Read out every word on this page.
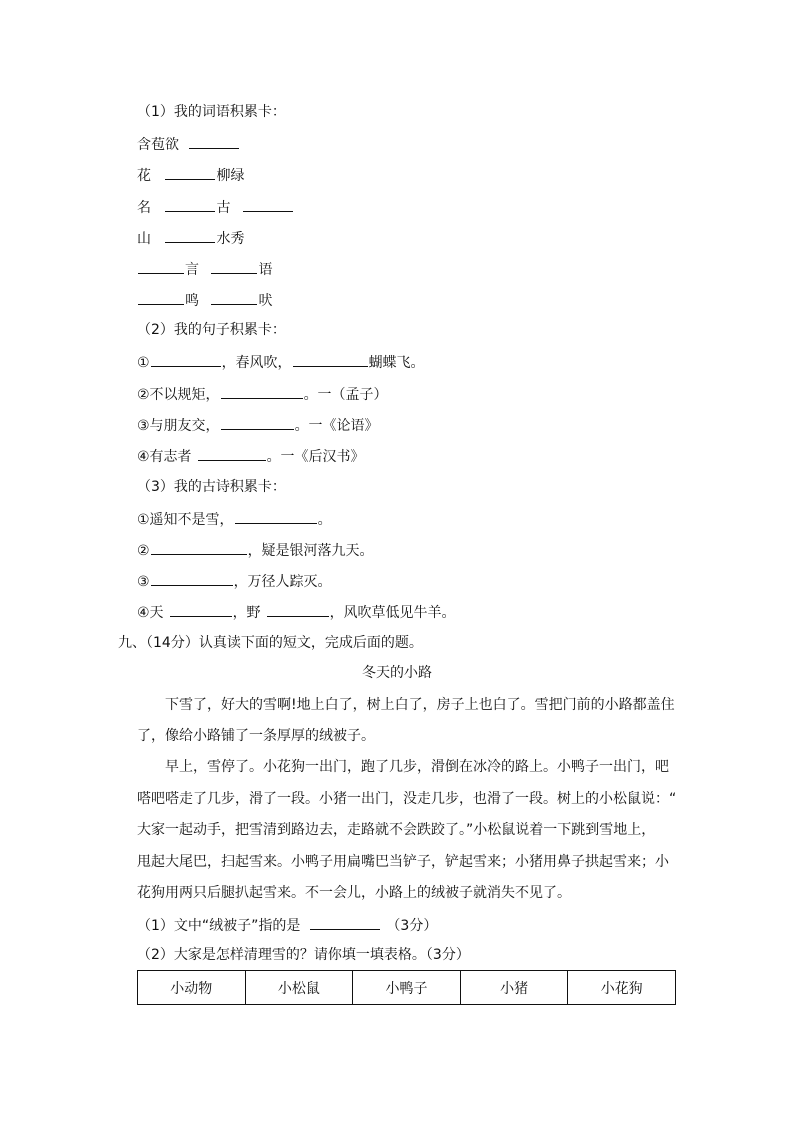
（1）我的词语积累卡：
含苞欲
花	柳绿
名	古
山	水秀
言	语
鸣	吠
（2）我的句子积累卡：
①	，春风吹，	蝴蝶飞。
②不以规矩，	。一（孟子）
③与朋友交，	。一《论语》
④有志者	。一《后汉书》
（3）我的古诗积累卡：
①遥知不是雪，	。
②	，疑是银河落九天。
③	，万径人踪灭。
④天	，野	，风吹草低见牛羊。
九、（14分）认真读下面的短文，完成后面的题。
冬天的小路
下雪了，好大的雪啊!地上白了，树上白了，房子上也白了。雪把门前的小路都盖住
了，像给小路铺了一条厚厚的绒被子。
早上，雪停了。小花狗一出门，跑了几步，滑倒在冰冷的路上。小鸭子一出门，吧
嗒吧嗒走了几步，滑了一段。小猪一出门，没走几步，也滑了一段。树上的小松鼠说：“
大家一起动手，把雪清到路边去，走路就不会跌跤了。”小松鼠说着一下跳到雪地上，
甩起大尾巴，扫起雪来。小鸭子用扁嘴巴当铲子，铲起雪来；小猪用鼻子拱起雪来；小
花狗用两只后腿扒起雪来。不一会儿，小路上的绒被子就消失不见了。
（1）文中“绒被子”指的是	（3分）
（2）大家是怎样清理雪的？请你填一填表格。（3分）
小动物	小松鼠	小鸭子	小猪	小花狗
